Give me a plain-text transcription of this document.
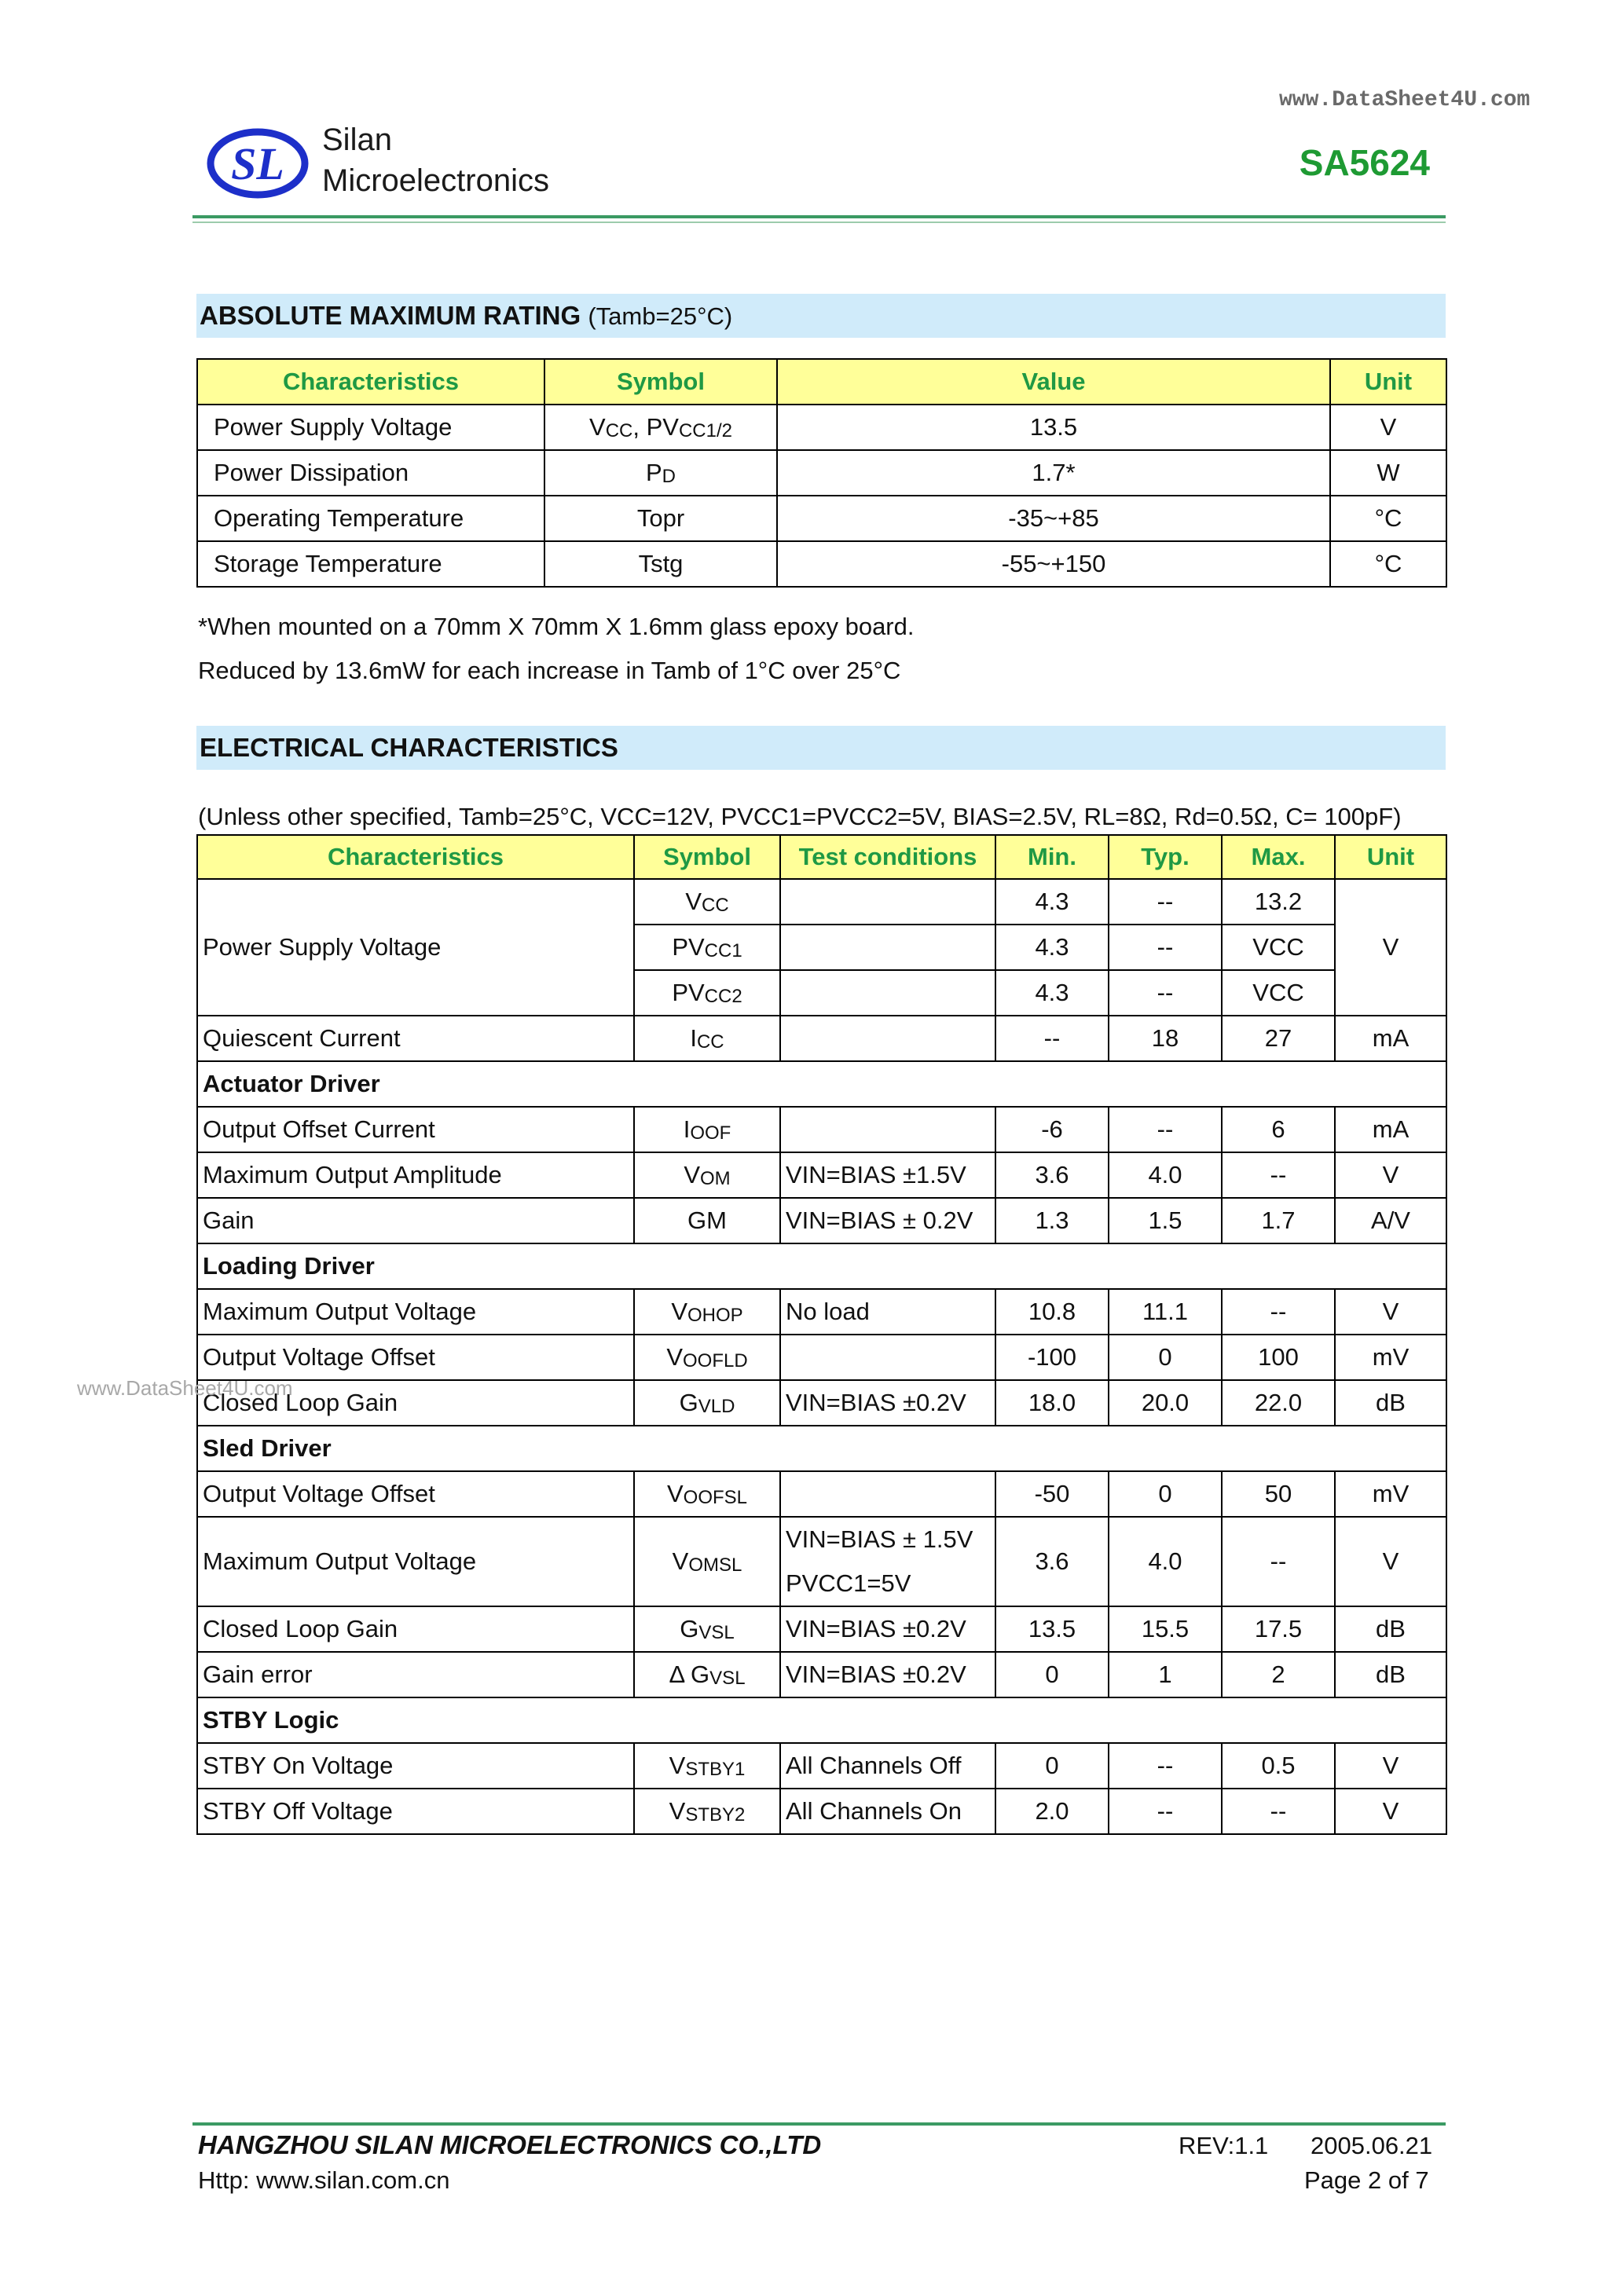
www.DataSheet4U.com
SL Silan
Microelectronics	SA5624
ABSOLUTE MAXIMUM RATING (Tamb=25°C)
Characteristics	Symbol	Value	Unit
Power Supply Voltage	$V_{CC}$, $PV_{CC1/2}$	13.5	V
Power Dissipation	$P_D$	1.7*	W
Operating Temperature	Topr	-35~+85	°C
Storage Temperature	Tstg	-55~+150	°C
*When mounted on a 70mm X 70mm X 1.6mm glass epoxy board.
Reduced by 13.6mW for each increase in Tamb of 1°C over 25°C
ELECTRICAL CHARACTERISTICS
(Unless other specified, Tamb=25°C, VCC=12V, PVCC1=PVCC2=5V, BIAS=2.5V, RL=8Ω, Rd=0.5Ω, C= 100pF)
Characteristics	Symbol	Test conditions	Min.	Typ.	Max.	Unit
Power Supply Voltage	$V_{CC}$		4.3	--	13.2	V
	$PV_{CC1}$		4.3	--	VCC	
	$PV_{CC2}$		4.3	--	VCC	
Quiescent Current	$I_{CC}$		--	18	27	mA
Actuator Driver						
Output Offset Current	$I_{OOF}$		-6	--	6	mA
Maximum Output Amplitude	$V_{OM}$	VIN=BIAS ±1.5V	3.6	4.0	--	V
Gain	GM	VIN=BIAS ± 0.2V	1.3	1.5	1.7	A/V
Loading Driver						
Maximum Output Voltage	$V_{OHOP}$	No load	10.8	11.1	--	V
Output Voltage Offset	$V_{OOFLD}$		-100	0	100	mV
Closed Loop Gain	$G_{VLD}$	VIN=BIAS ±0.2V	18.0	20.0	22.0	dB
Sled Driver						
Output Voltage Offset	$V_{OOFSL}$		-50	0	50	mV
Maximum Output Voltage	$V_{OMSL}$	VIN=BIAS ± 1.5V
PVCC1=5V	3.6	4.0	--	V
Closed Loop Gain	$G_{VSL}$	VIN=BIAS ±0.2V	13.5	15.5	17.5	dB
Gain error	Δ $G_{VSL}$	VIN=BIAS ±0.2V	0	1	2	dB
STBY Logic						
STBY On Voltage	$V_{STBY1}$	All Channels Off	0	--	0.5	V
STBY Off Voltage	$V_{STBY2}$	All Channels On	2.0	--	--	V
www.DataSheet4U.com
HANGZHOU SILAN MICROELECTRONICS CO.,LTD	REV:1.1 2005.06.21
Http: www.silan.com.cn	Page 2 of 7
